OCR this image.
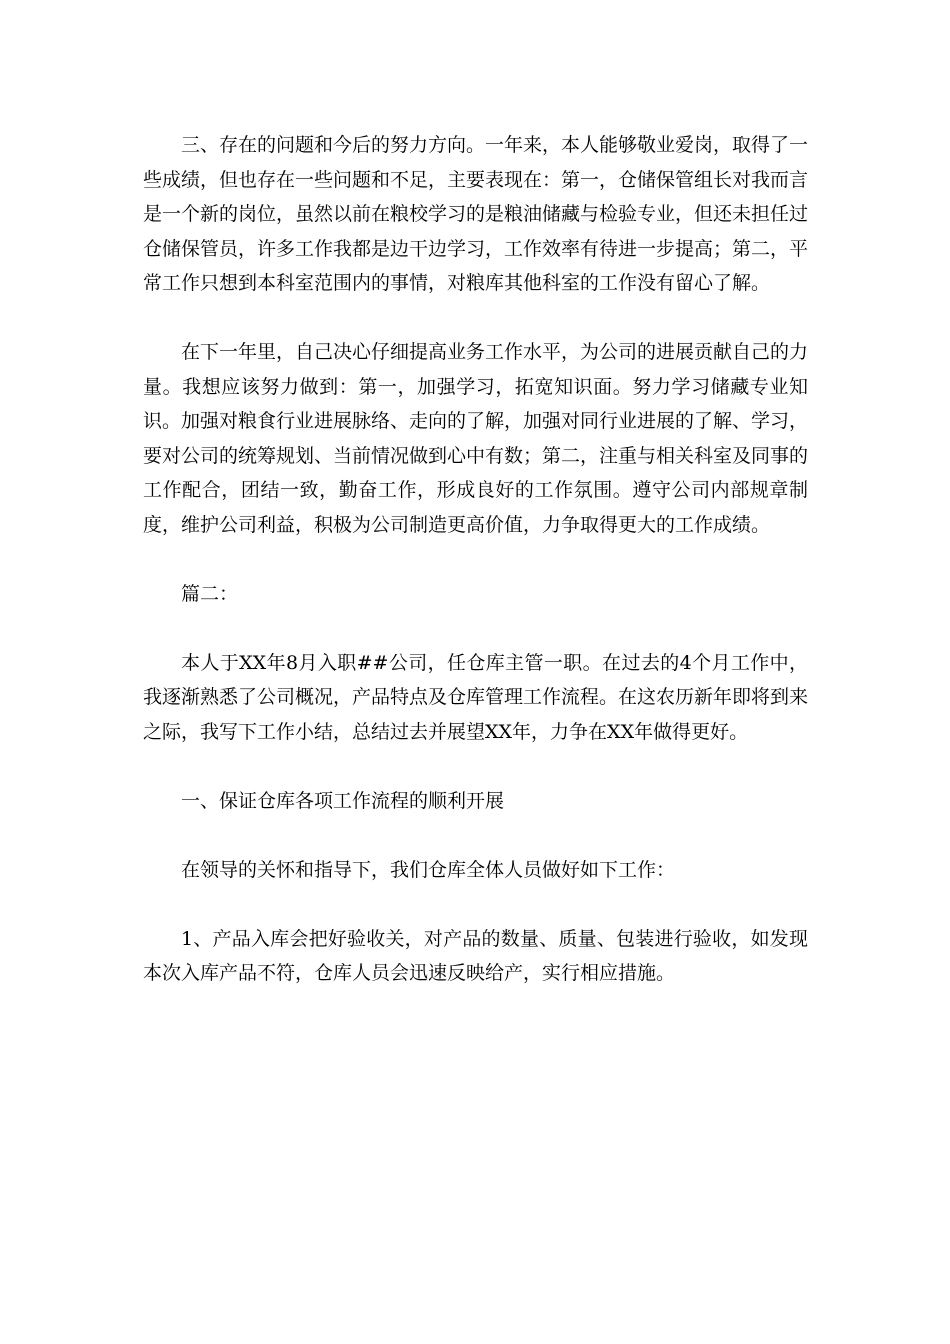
三、存在的问题和今后的努力方向。一年来，本人能够敬业爱岗，取得了一些成绩，但也存在一些问题和不足，主要表现在：第一，仓储保管组长对我而言是一个新的岗位，虽然以前在粮校学习的是粮油储藏与检验专业，但还未担任过仓储保管员，许多工作我都是边干边学习，工作效率有待进一步提高；第二，平常工作只想到本科室范围内的事情，对粮库其他科室的工作没有留心了解。

在下一年里，自己决心仔细提高业务工作水平，为公司的进展贡献自己的力量。我想应该努力做到：第一，加强学习，拓宽知识面。努力学习储藏专业知识。加强对粮食行业进展脉络、走向的了解，加强对同行业进展的了解、学习，要对公司的统筹规划、当前情况做到心中有数；第二，注重与相关科室及同事的工作配合，团结一致，勤奋工作，形成良好的工作氛围。遵守公司内部规章制度，维护公司利益，积极为公司制造更高价值，力争取得更大的工作成绩。

篇二：

本人于XX年8月入职##公司，任仓库主管一职。在过去的4个月工作中，我逐渐熟悉了公司概况，产品特点及仓库管理工作流程。在这农历新年即将到来之际，我写下工作小结，总结过去并展望XX年，力争在XX年做得更好。

一、保证仓库各项工作流程的顺利开展

在领导的关怀和指导下，我们仓库全体人员做好如下工作：

1、产品入库会把好验收关，对产品的数量、质量、包装进行验收，如发现本次入库产品不符，仓库人员会迅速反映给产，实行相应措施。
